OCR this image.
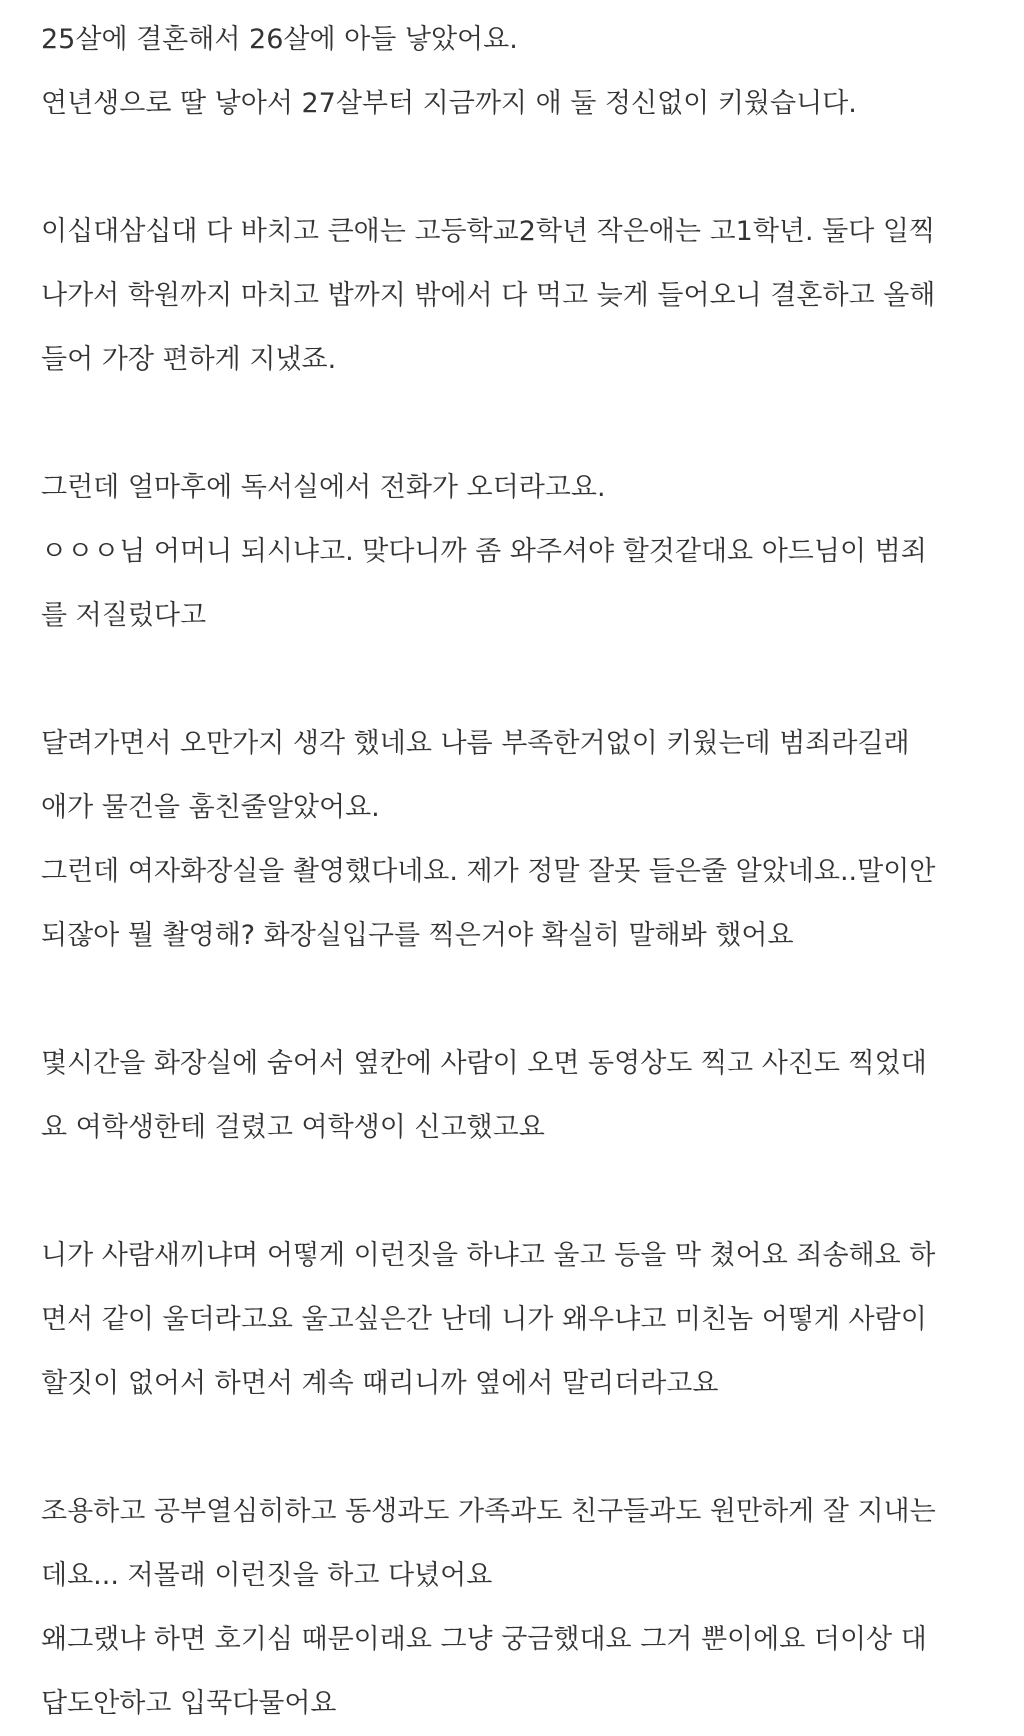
25살에 결혼해서 26살에 아들 낳았어요.
연년생으로 딸 낳아서 27살부터 지금까지 애 둘 정신없이 키웠습니다.

이십대삼십대 다 바치고 큰애는 고등학교2학년 작은애는 고1학년. 둘다 일찍
나가서 학원까지 마치고 밥까지 밖에서 다 먹고 늦게 들어오니 결혼하고 올해
들어 가장 편하게 지냈죠.

그런데 얼마후에 독서실에서 전화가 오더라고요.
ㅇㅇㅇ님 어머니 되시냐고. 맞다니까 좀 와주셔야 할것같대요 아드님이 범죄
를 저질렀다고

달려가면서 오만가지 생각 했네요 나름 부족한거없이 키웠는데 범죄라길래
애가 물건을 훔친줄알았어요.
그런데 여자화장실을 촬영했다네요. 제가 정말 잘못 들은줄 알았네요..말이안
되잖아 뭘 촬영해? 화장실입구를 찍은거야 확실히 말해봐 했어요

몇시간을 화장실에 숨어서 옆칸에 사람이 오면 동영상도 찍고 사진도 찍었대
요 여학생한테 걸렸고 여학생이 신고했고요

니가 사람새끼냐며 어떻게 이런짓을 하냐고 울고 등을 막 쳤어요 죄송해요 하
면서 같이 울더라고요 울고싶은간 난데 니가 왜우냐고 미친놈 어떻게 사람이
할짓이 없어서 하면서 계속 때리니까 옆에서 말리더라고요

조용하고 공부열심히하고 동생과도 가족과도 친구들과도 원만하게 잘 지내는
데요... 저몰래 이런짓을 하고 다녔어요
왜그랬냐 하면 호기심 때문이래요 그냥 궁금했대요 그거 뿐이에요 더이상 대
답도안하고 입꾹다물어요
